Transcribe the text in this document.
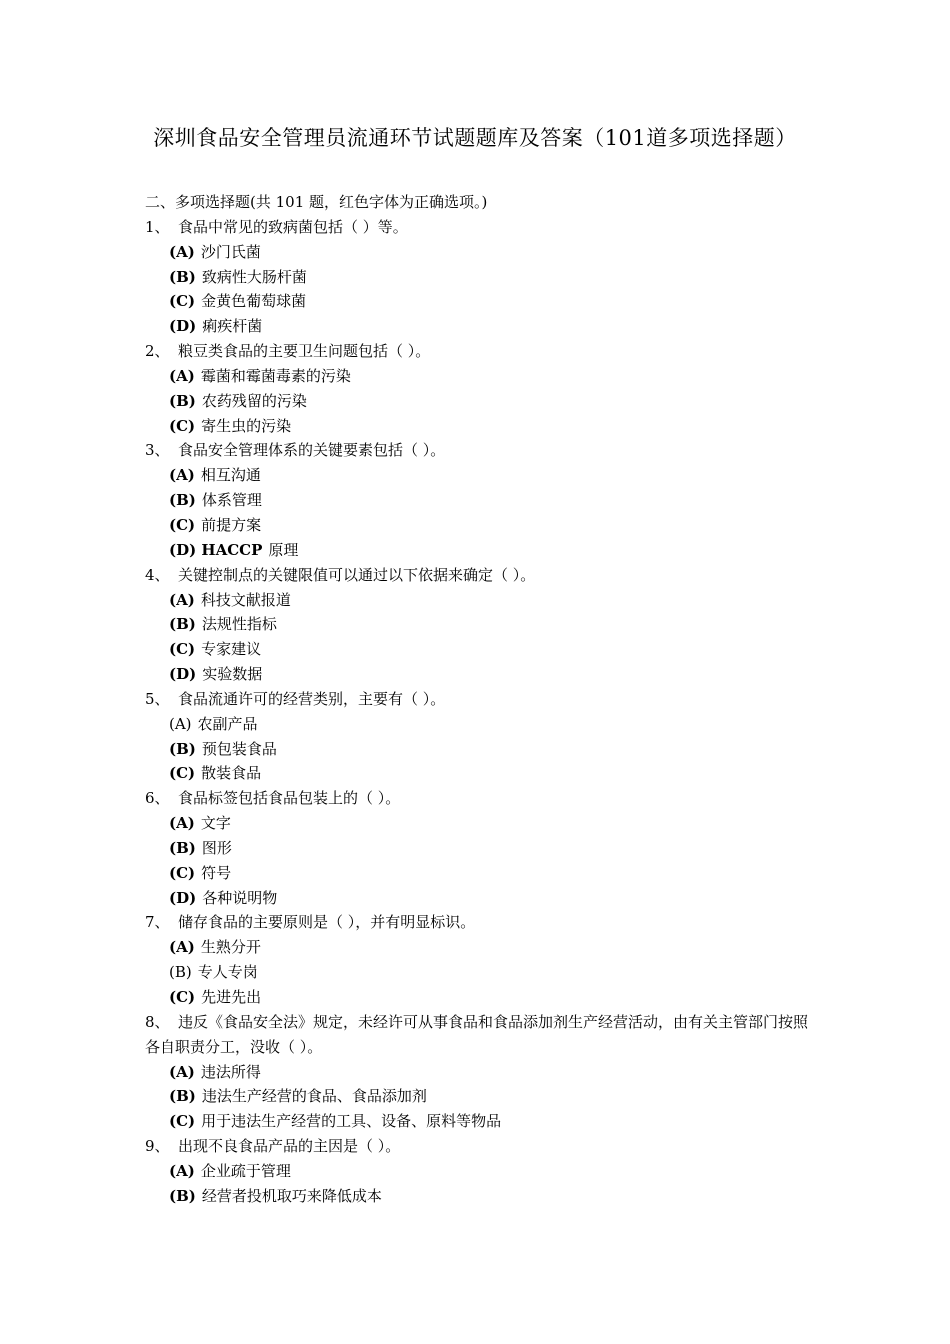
深圳食品安全管理员流通环节试题题库及答案（101道多项选择题）
二、多项选择题(共 101 题，红色字体为正确选项。)
1、 食品中常见的致病菌包括（ ）等。
(A) 沙门氏菌
(B) 致病性大肠杆菌
(C) 金黄色葡萄球菌
(D) 痢疾杆菌
2、 粮豆类食品的主要卫生问题包括（ ）。
(A) 霉菌和霉菌毒素的污染
(B) 农药残留的污染
(C) 寄生虫的污染
3、 食品安全管理体系的关键要素包括（ ）。
(A) 相互沟通
(B) 体系管理
(C) 前提方案
(D) HACCP 原理
4、 关键控制点的关键限值可以通过以下依据来确定（ ）。
(A) 科技文献报道
(B) 法规性指标
(C) 专家建议
(D) 实验数据
5、 食品流通许可的经营类别，主要有（ ）。
(A) 农副产品
(B) 预包装食品
(C) 散装食品
6、 食品标签包括食品包装上的（ ）。
(A) 文字
(B) 图形
(C) 符号
(D) 各种说明物
7、 储存食品的主要原则是（ ），并有明显标识。
(A) 生熟分开
(B) 专人专岗
(C) 先进先出
8、 违反《食品安全法》规定，未经许可从事食品和食品添加剂生产经营活动，由有关主管部门按照各自职责分工，没收（ ）。
(A) 违法所得
(B) 违法生产经营的食品、食品添加剂
(C) 用于违法生产经营的工具、设备、原料等物品
9、 出现不良食品产品的主因是（ ）。
(A) 企业疏于管理
(B) 经营者投机取巧来降低成本
